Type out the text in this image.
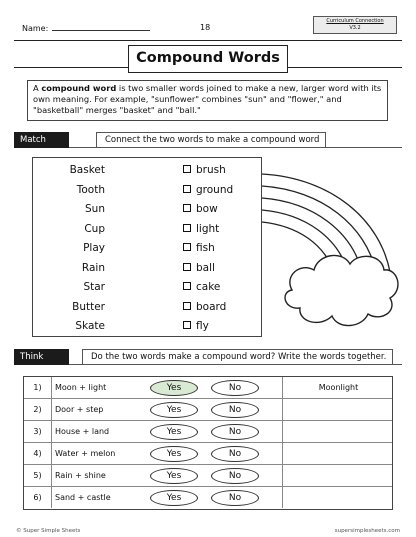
Name:	18
Curriculum Connection
V3.2
Compound Words
A compound word is two smaller words joined to make a new, larger word with its own meaning. For example, "sunflower" combines "sun" and "flower," and "basketball" merges "basket" and "ball."
Match	Connect the two words to make a compound word
Basket
Tooth
Sun
Cup
Play
Rain
Star
Butter
Skate
brush
ground
bow
light
fish
ball
cake
board
fly
Think	Do the two words make a compound word? Write the words together.
1)	Moon + light	Yes	No	Moonlight
2)	Door + step	Yes	No
3)	House + land	Yes	No
4)	Water + melon	Yes	No
5)	Rain + shine	Yes	No
6)	Sand + castle	Yes	No
© Super Simple Sheets	supersimplesheets.com
